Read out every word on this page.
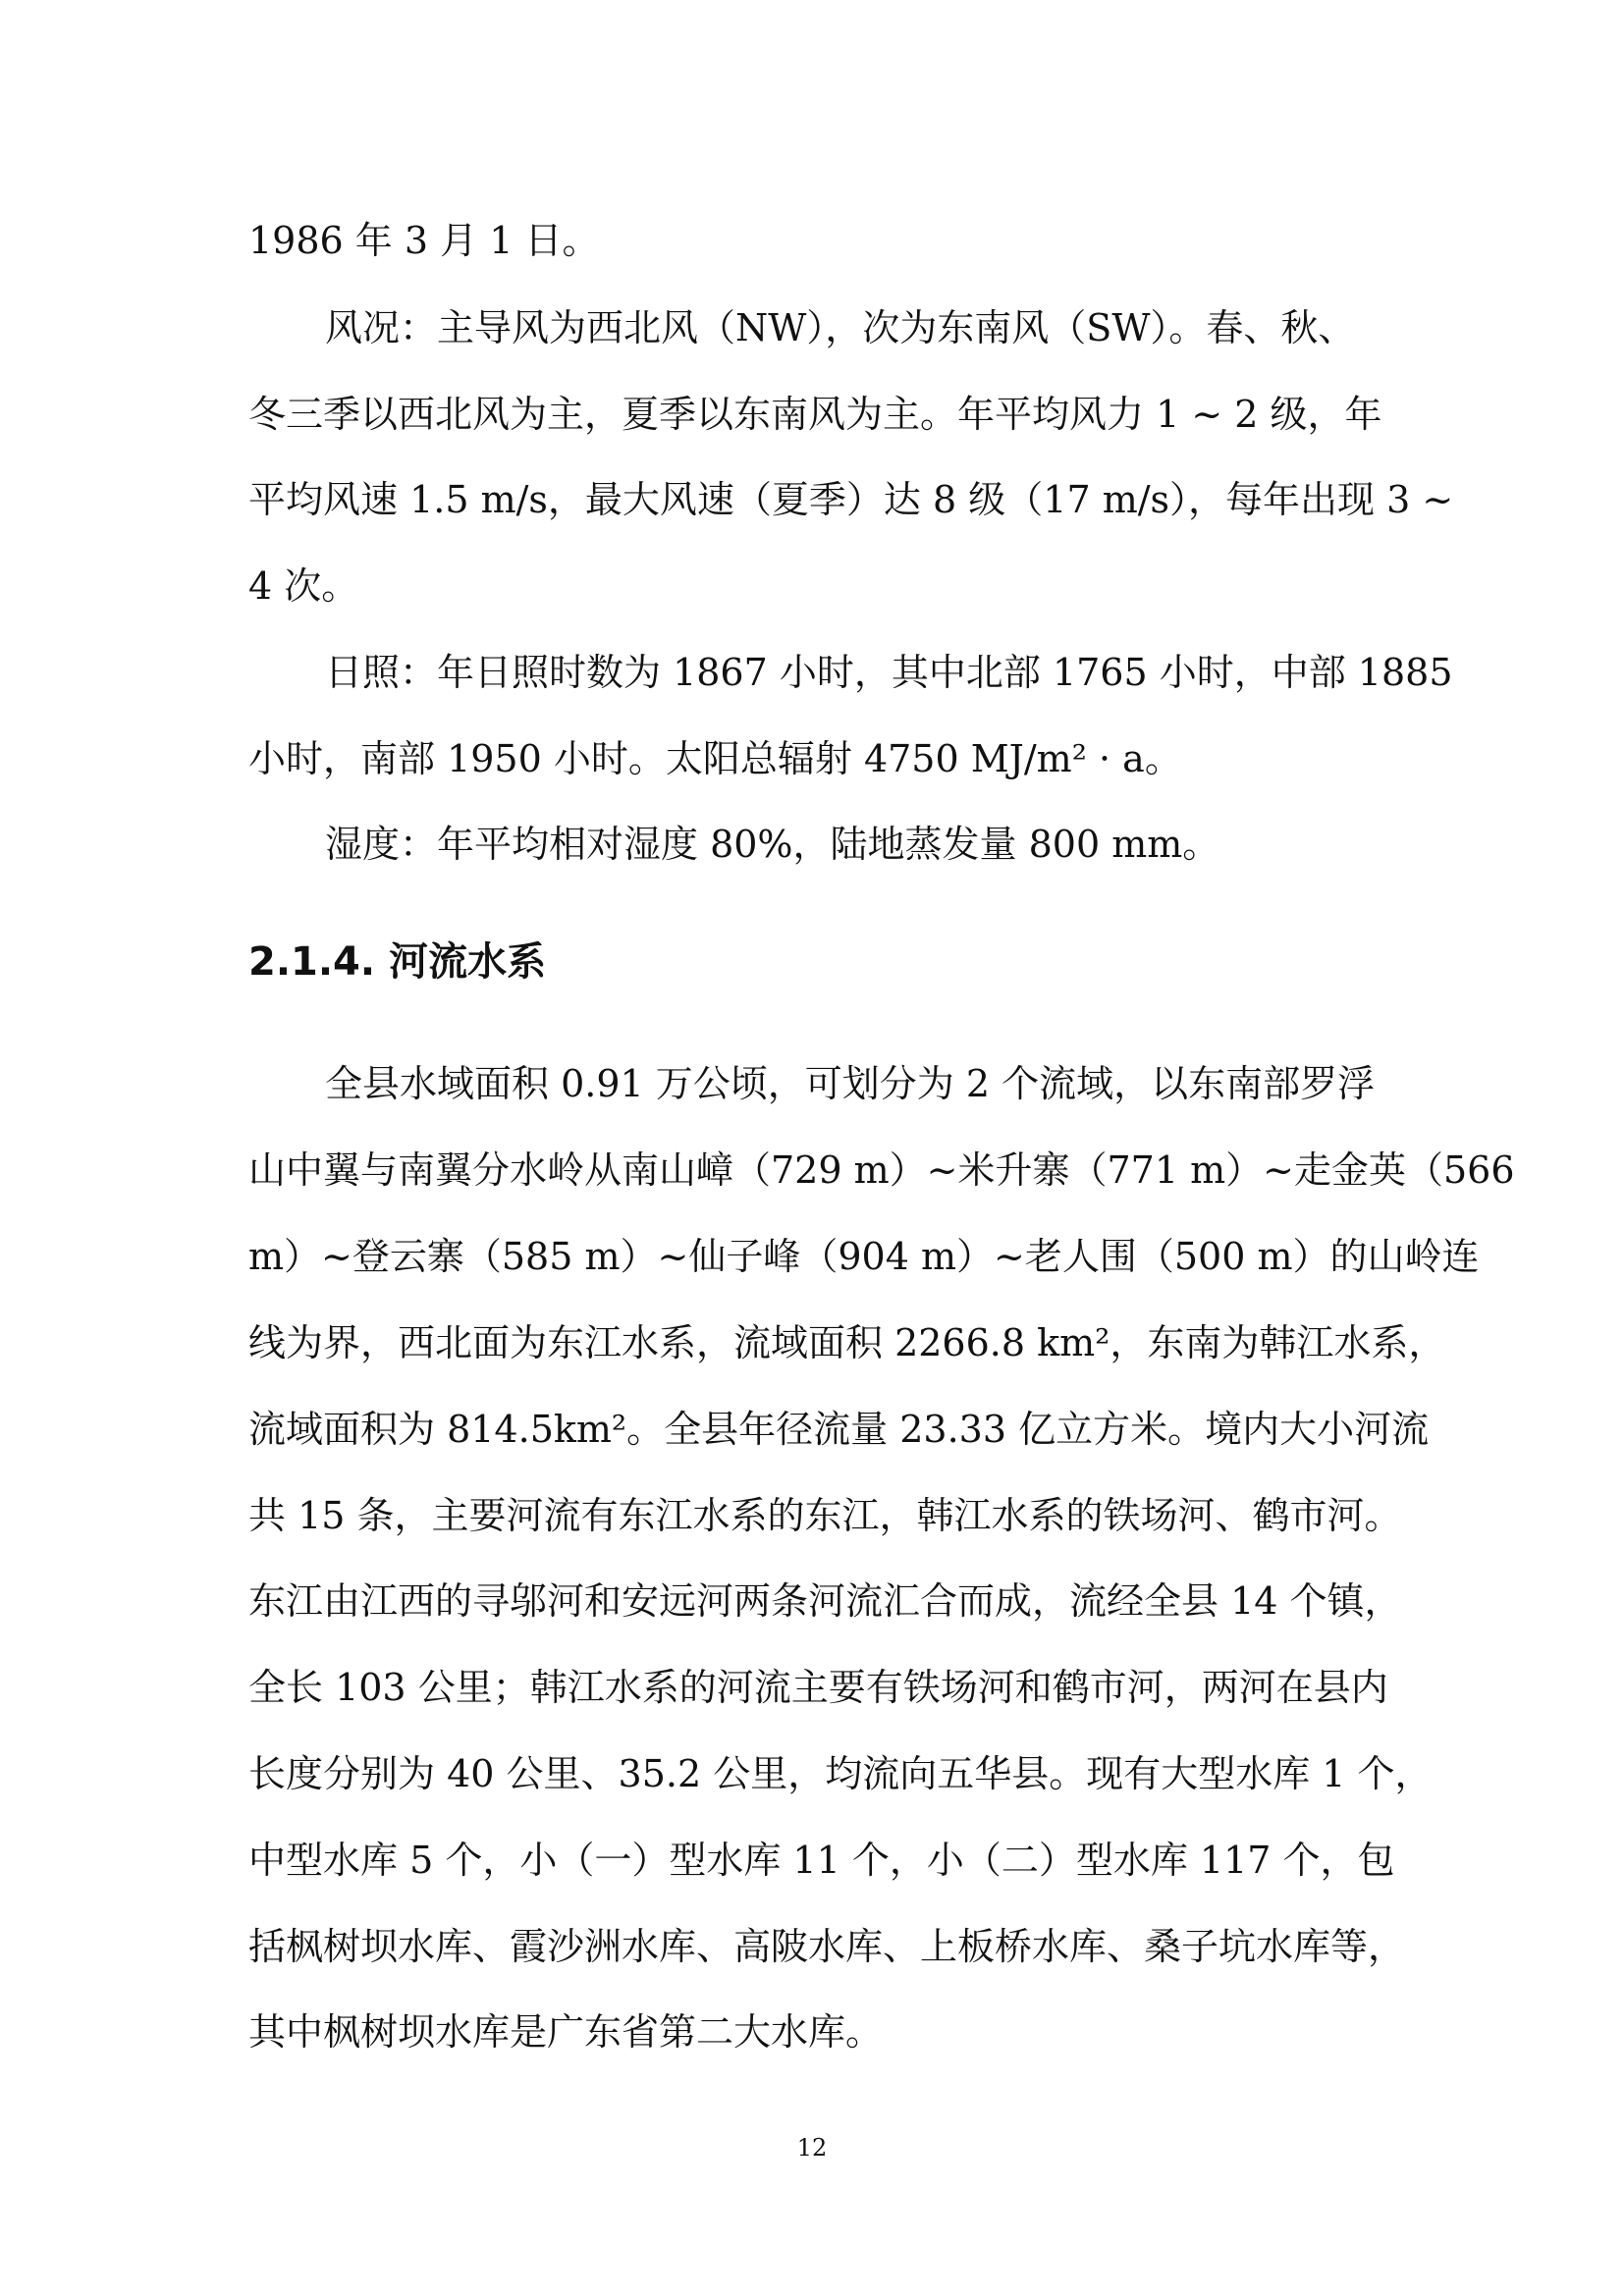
1986 年 3 月 1 日。
风况：主导风为西北风（NW），次为东南风（SW）。春、秋、
冬三季以西北风为主，夏季以东南风为主。年平均风力 1 ~ 2 级，年
平均风速 1.5 m/s，最大风速（夏季）达 8 级（17 m/s），每年出现 3 ~
4 次。
日照：年日照时数为 1867 小时，其中北部 1765 小时，中部 1885
小时，南部 1950 小时。太阳总辐射 4750 MJ/m² · a。
湿度：年平均相对湿度 80%，陆地蒸发量 800 mm。
2.1.4. 河流水系
全县水域面积 0.91 万公顷，可划分为 2 个流域，以东南部罗浮
山中翼与南翼分水岭从南山嶂（729 m）~米升寨（771 m）~走金英（566
m）~登云寨（585 m）~仙子峰（904 m）~老人围（500 m）的山岭连
线为界，西北面为东江水系，流域面积 2266.8 km²，东南为韩江水系，
流域面积为 814.5km²。全县年径流量 23.33 亿立方米。境内大小河流
共 15 条，主要河流有东江水系的东江，韩江水系的铁场河、鹤市河。
东江由江西的寻邬河和安远河两条河流汇合而成，流经全县 14 个镇，
全长 103 公里；韩江水系的河流主要有铁场河和鹤市河，两河在县内
长度分别为 40 公里、35.2 公里，均流向五华县。现有大型水库 1 个，
中型水库 5 个，小（一）型水库 11 个，小（二）型水库 117 个，包
括枫树坝水库、霞沙洲水库、高陂水库、上板桥水库、桑子坑水库等，
其中枫树坝水库是广东省第二大水库。
12
